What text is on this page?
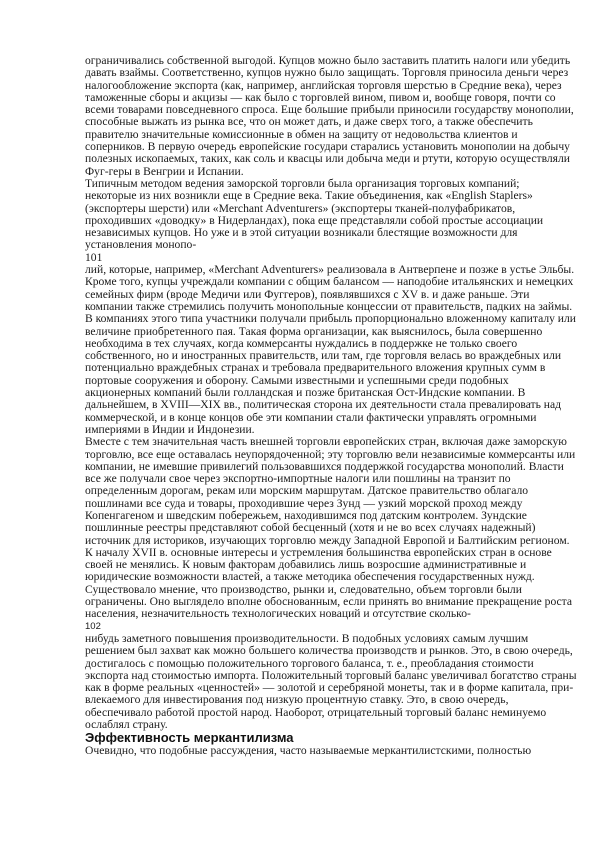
ограничивались собственной выгодой. Купцов можно было заставить платить налоги или убедить
давать взаймы. Соответственно, купцов нужно было защищать. Торговля приносила деньги через
налогообложение экспорта (как, например, английская торговля шерстью в Средние века), через
таможенные сборы и акцизы — как было с торговлей вином, пивом и, вообще говоря, почти со
всеми товарами повседневного спроса. Еще большие прибыли приносили государству монополии,
способные выжать из рынка все, что он может дать, и даже сверх того, а также обеспечить
правителю значительные комиссионные в обмен на защиту от недовольства клиентов и
соперников. В первую очередь европейские государи старались установить монополии на добычу
полезных ископаемых, таких, как соль и квасцы или добыча меди и ртути, которую осуществляли
Фуг-геры в Венгрии и Испании.
Типичным методом ведения заморской торговли была организация торговых компаний;
некоторые из них возникли еще в Средние века. Такие объединения, как «English Staplers»
(экспортеры шерсти) или «Merchant Adventurers» (экспортеры тканей-полуфабрикатов,
проходивших «доводку» в Нидерландах), пока еще представляли собой простые ассоциации
независимых купцов. Но уже и в этой ситуации возникали блестящие возможности для
установления монопо-
101
лий, которые, например, «Merchant Adventurers» реализовала в Антверпене и позже в устье Эльбы.
Кроме того, купцы учреждали компании с общим балансом — наподобие итальянских и немецких
семейных фирм (вроде Медичи или Фуггеров), появлявшихся с XV в. и даже раньше. Эти
компании также стремились получить монопольные концессии от правительств, падких на займы.
В компаниях этого типа участники получали прибыль пропорционально вложенному капиталу или
величине приобретенного пая. Такая форма организации, как выяснилось, была совершенно
необходима в тех случаях, когда коммерсанты нуждались в поддержке не только своего
собственного, но и иностранных правительств, или там, где торговля велась во враждебных или
потенциально враждебных странах и требовала предварительного вложения крупных сумм в
портовые сооружения и оборону. Самыми известными и успешными среди подобных
акционерных компаний были голландская и позже британская Ост-Индские компании. В
дальнейшем, в XVIII—XIX вв., политическая сторона их деятельности стала превалировать над
коммерческой, и в конце концов обе эти компании стали фактически управлять огромными
империями в Индии и Индонезии.
Вместе с тем значительная часть внешней торговли европейских стран, включая даже заморскую
торговлю, все еще оставалась неупорядоченной; эту торговлю вели независимые коммерсанты или
компании, не имевшие привилегий пользовавшихся поддержкой государства монополий. Власти
все же получали свое через экспортно-импортные налоги или пошлины на транзит по
определенным дорогам, рекам или морским маршрутам. Датское правительство облагало
пошлинами все суда и товары, проходившие через Зунд — узкий морской проход между
Копенгагеном и шведским побережьем, находившимся под датским контролем. Зундские
пошлинные реестры представляют собой бесценный (хотя и не во всех случаях надежный)
источник для историков, изучающих торговлю между Западной Европой и Балтийским регионом.
К началу XVII в. основные интересы и устремления большинства европейских стран в основе
своей не менялись. К новым факторам добавились лишь возросшие административные и
юридические возможности властей, а также методика обеспечения государственных нужд.
Существовало мнение, что производство, рынки и, следовательно, объем торговли были
ограничены. Оно выглядело вполне обоснованным, если принять во внимание прекращение роста
населения, незначительность технологических новаций и отсутствие сколько-
102
нибудь заметного повышения производительности. В подобных условиях самым лучшим
решением был захват как можно большего количества производств и рынков. Это, в свою очередь,
достигалось с помощью положительного торгового баланса, т. е., преобладания стоимости
экспорта над стоимостью импорта. Положительный торговый баланс увеличивал богатство страны
как в форме реальных «ценностей» — золотой и серебряной монеты, так и в форме капитала, при-
влекаемого для инвестирования под низкую процентную ставку. Это, в свою очередь,
обеспечивало работой простой народ. Наоборот, отрицательный торговый баланс неминуемо
ослаблял страну.
Эффективность меркантилизма
Очевидно, что подобные рассуждения, часто называемые меркантилистскими, полностью
